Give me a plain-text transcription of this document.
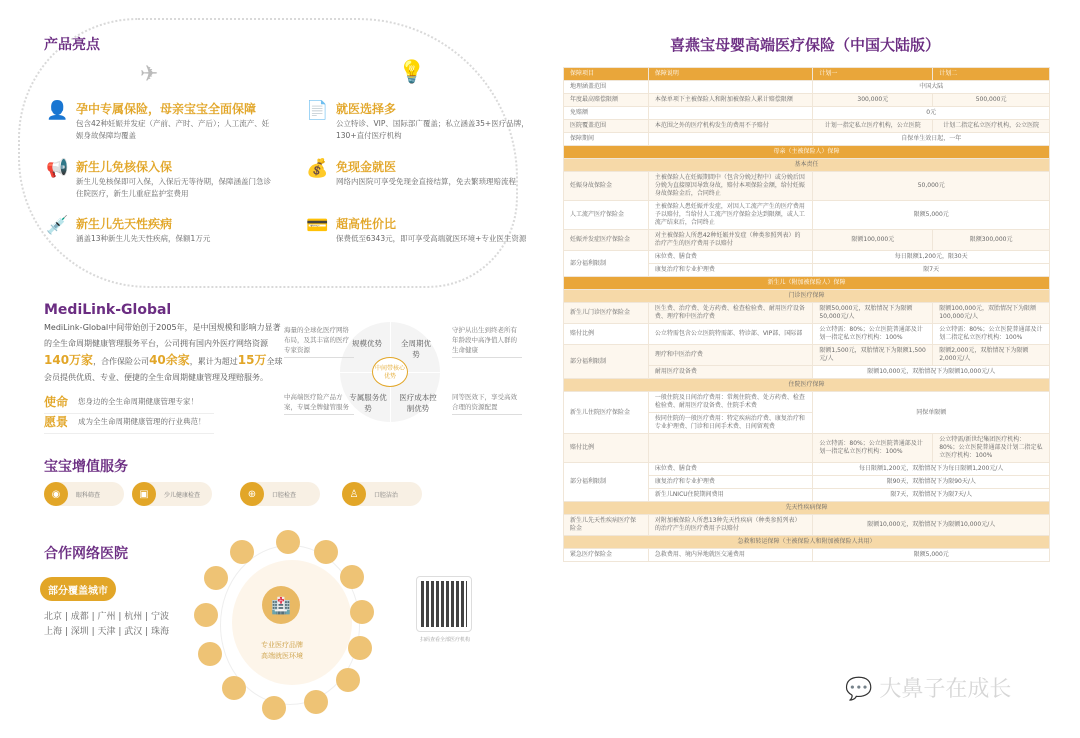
产品亮点
✈	💡
👤 孕中专属保险，母亲宝宝全面保障
包含42种妊娠并发症（产前、产时、产后）；人工流产、妊娠身故保障均覆盖
📢 新生儿免核保入保
新生儿免核保即可入保，入保后无等待期，保障涵盖门急诊住院医疗，新生儿重症监护室费用
💉 新生儿先天性疾病
涵盖13种新生儿先天性疾病，保额1万元
📄 就医选择多
公立特诊、VIP、国际部广覆盖；私立涵盖35+医疗品牌，130+直付医疗机构
💰 免现金就医
网络内医院可享受免现金直接结算，免去繁琐理赔流程
💳 超高性价比
保费低至6343元，即可享受高端就医环境+专业医生资源
MediLink-Global
MediLink-Global中间带始创于2005年，是中国规模和影响力显著的全生命周期健康管理服务平台，公司拥有国内外医疗网络资源140万家，合作保险公司40余家，累计为超过15万全球会员提供优质、专业、便捷的全生命周期健康管理及理赔服务。
使命 您身边的全生命周期健康管理专家！
愿景 成为全生命周期健康管理的行业典范！
中间带核心优势
规模优势	全周期优势
专属服务优势
医疗成本控制优势
海量的全球化医疗网络布局，及其丰富的医疗专家资源
守护从出生到终老所有年龄段中高净值人群的生命健康
中高端医疗险产品方案，专属全牌健管服务
同等医效下，享受高效合理的资源配置
宝宝增值服务
◉	眼科筛查	▣	少儿健康检查	⊕	口腔检查	♙	口腔洁治
合作网络医院
部分覆盖城市
北京 | 成都 | 广州 | 杭州 | 宁波
上海 | 深圳 | 天津 | 武汉 | 珠海
🏥
专业医疗品牌
高端就医环境
扫码查看全部医疗机构
喜燕宝母婴高端医疗保险（中国大陆版）
保障项目	保障说明	计划一	计划二
地理涵盖范围		中国大陆	
年度最高赔偿限额	本保单项下主被保险人和附加被保险人累计赔偿限额	300,000元	500,000元
免赔额		0元	
医院覆盖范围	本范围之外的医疗机构发生的费用不予赔付	计划一指定私立医疗机构，公立医院	计划二指定私立医疗机构，公立医院
保障期间		自保单生效日起，一年	
母亲（主被保险人）保障			
基本责任			
妊娠身故保险金	主被保险人在妊娠期間中（包含分娩过程中）或分娩后因分娩为直接原因导致身故，赔付本项保险金额，给付妊娠身故保险金后，合同终止	50,000元	
人工流产医疗保险金	主被保险人患妊娠并发症，对因人工流产产生的医疗费用予以赔付，当给付人工流产医疗保险金达到限额，或人工流产结束后，合同终止	限额5,000元	
妊娠并发症医疗保险金	对主被保险人所患42种妊娠并发症（种类参照列表）的治疗产生的医疗费用予以赔付	限额100,000元	限额300,000元
部分福利限制	床位费、膳食费	每日限额1,200元，限30天	
	康复治疗和专业护理费	限7天	
新生儿（附加被保险人）保障			
门诊医疗保障			
新生儿门诊医疗保险金	医生费、治疗费、处方药费、检查检验费、耐用医疗设备费、理疗和中医治疗费	限额50,000元，双胎情况下为限额50,000元/人	限额100,000元，双胎情况下为限额100,000元/人
赔付比例	公立特需包含公立医院特需部、特诊部、VIP部、国际部	公立特需：80%；公立医院普通部及计划一指定私立医疗机构：100%	公立特需：80%；公立医院普通部及计划二指定私立医疗机构：100%
部分福利限制	理疗和中医治疗费	限额1,500元，双胎情况下为限额1,500元/人	限额2,000元，双胎情况下为限额2,000元/人
	耐用医疗设备费	限额10,000元，双胎情况下为限额10,000元/人	
住院医疗保障			
新生儿住院医疗保险金	一般住院及日间治疗费用：常规住院费、处方药费、检查检验费、耐用医疗设备费、住院手术费	同保单限额	
	按同住院的一般医疗费用：特定疾病治疗费、康复治疗和专业护理费、门诊和日间手术费、日间留观费		
赔付比例		公立特需：80%；公立医院普通部及计划一指定私立医疗机构：100%	公立特需/新世纪集团医疗机构：80%；公立医院普通部及计划二指定私立医疗机构：100%
部分福利限制	床位费、膳食费	每日限额1,200元，双胎情况下为每日限额1,200元/人	
	康复治疗和专业护理费	限90天，双胎情况下为限90天/人	
	新生儿NICU住院期间费用	限7天，双胎情况下为限7天/人	
先天性疾病保障			
新生儿先天性疾病医疗保险金	对附加被保险人所患13种先天性疾病（种类参照列表）的治疗产生的医疗费用予以赔付	限额10,000元，双胎情况下为限额10,000元/人	
急救和转运保障（主被保险人和附加被保险人共用）			
紧急医疗保险金	急救费用、境内异地就医交通费用	限额5,000元	
💬 大鼻子在成长
